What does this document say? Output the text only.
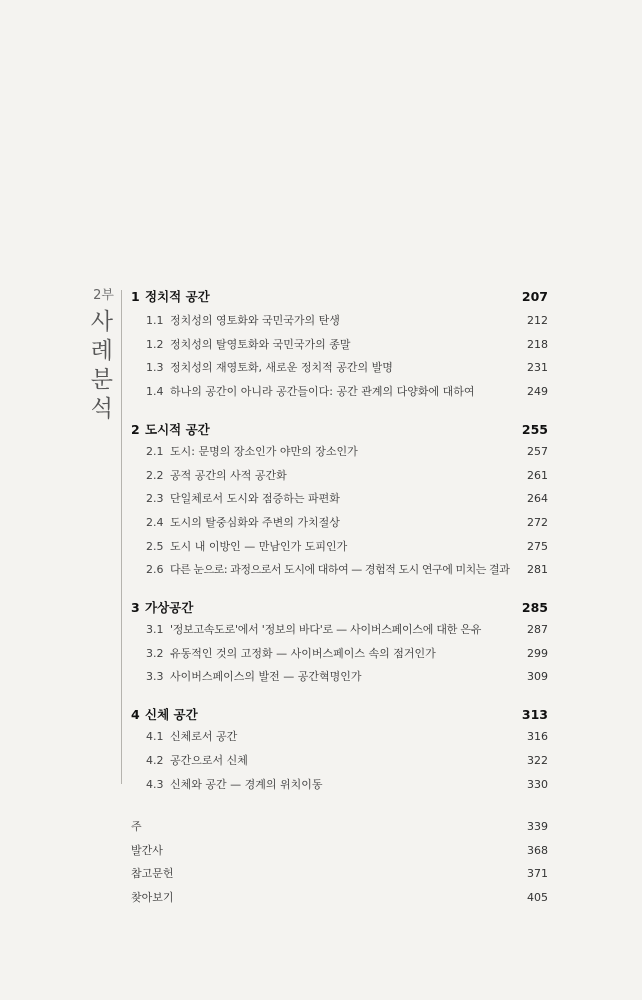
2부
사례
분석
1 정치적 공간	207
1.1 정치성의 영토화와 국민국가의 탄생	212
1.2 정치성의 탈영토화와 국민국가의 종말	218
1.3 정치성의 재영토화, 새로운 정치적 공간의 발명	231
1.4 하나의 공간이 아니라 공간들이다: 공간 관계의 다양화에 대하여	249
2 도시적 공간	255
2.1 도시: 문명의 장소인가 야만의 장소인가	257
2.2 공적 공간의 사적 공간화	261
2.3 단일체로서 도시와 점증하는 파편화	264
2.4 도시의 탈중심화와 주변의 가치절상	272
2.5 도시 내 이방인 — 만남인가 도피인가	275
2.6 다른 눈으로: 과정으로서 도시에 대하여 — 경험적 도시 연구에 미치는 결과 281
3 가상공간	285
3.1 '정보고속도로'에서 '정보의 바다'로 — 사이버스페이스에 대한 은유	287
3.2 유동적인 것의 고정화 — 사이버스페이스 속의 점거인가	299
3.3 사이버스페이스의 발전 — 공간혁명인가	309
4 신체 공간	313
4.1 신체로서 공간	316
4.2 공간으로서 신체	322
4.3 신체와 공간 — 경계의 위치이동	330
주	339
발간사	368
참고문헌	371
찾아보기	405
